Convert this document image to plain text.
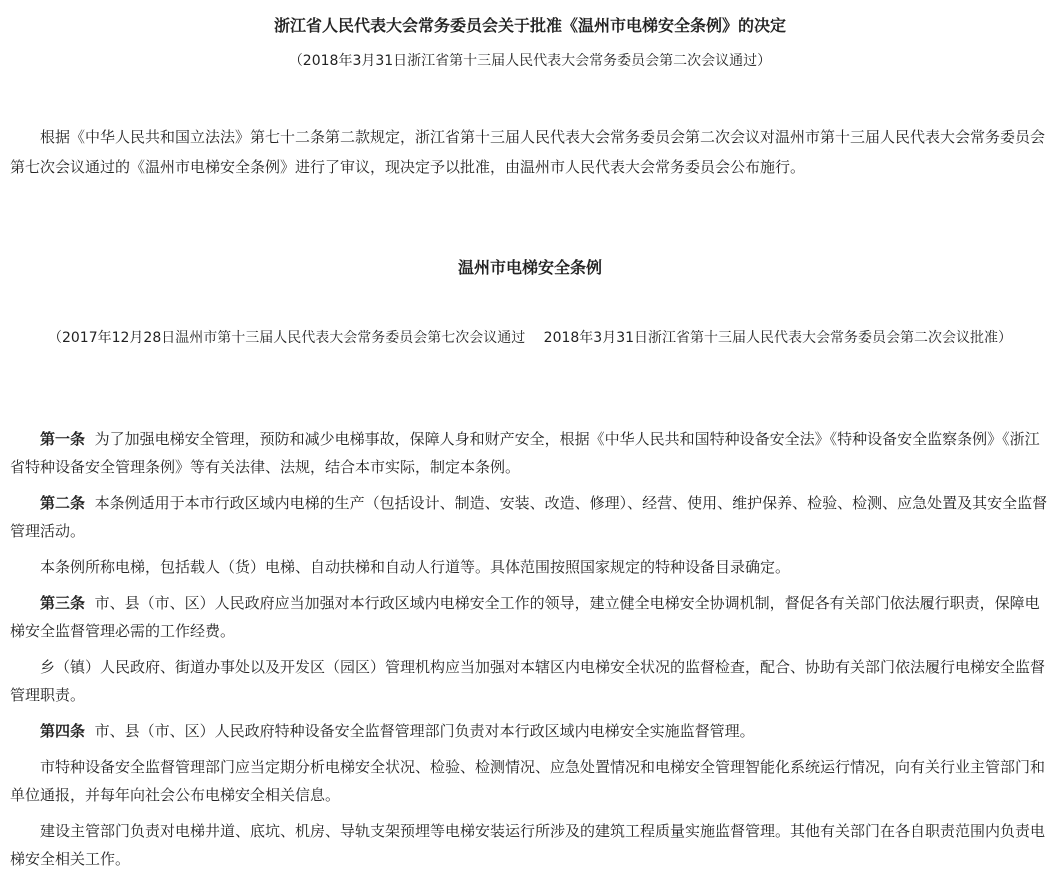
浙江省人民代表大会常务委员会关于批准《温州市电梯安全条例》的决定
（2018年3月31日浙江省第十三届人民代表大会常务委员会第二次会议通过）

根据《中华人民共和国立法法》第七十二条第二款规定，浙江省第十三届人民代表大会常务委员会第二次会议对温州市第十三届人民代表大会常务委员会第七次会议通过的《温州市电梯安全条例》进行了审议，现决定予以批准，由温州市人民代表大会常务委员会公布施行。

温州市电梯安全条例

（2017年12月28日温州市第十三届人民代表大会常务委员会第七次会议通过　 2018年3月31日浙江省第十三届人民代表大会常务委员会第二次会议批准）

第一条 为了加强电梯安全管理，预防和减少电梯事故，保障人身和财产安全，根据《中华人民共和国特种设备安全法》《特种设备安全监察条例》《浙江省特种设备安全管理条例》等有关法律、法规，结合本市实际，制定本条例。

第二条 本条例适用于本市行政区域内电梯的生产（包括设计、制造、安装、改造、修理）、经营、使用、维护保养、检验、检测、应急处置及其安全监督管理活动。

本条例所称电梯，包括载人（货）电梯、自动扶梯和自动人行道等。具体范围按照国家规定的特种设备目录确定。

第三条 市、县（市、区）人民政府应当加强对本行政区域内电梯安全工作的领导，建立健全电梯安全协调机制，督促各有关部门依法履行职责，保障电梯安全监督管理必需的工作经费。

乡（镇）人民政府、街道办事处以及开发区（园区）管理机构应当加强对本辖区内电梯安全状况的监督检查，配合、协助有关部门依法履行电梯安全监督管理职责。

第四条 市、县（市、区）人民政府特种设备安全监督管理部门负责对本行政区域内电梯安全实施监督管理。

市特种设备安全监督管理部门应当定期分析电梯安全状况、检验、检测情况、应急处置情况和电梯安全管理智能化系统运行情况，向有关行业主管部门和单位通报，并每年向社会公布电梯安全相关信息。

建设主管部门负责对电梯井道、底坑、机房、导轨支架预埋等电梯安装运行所涉及的建筑工程质量实施监督管理。其他有关部门在各自职责范围内负责电梯安全相关工作。
